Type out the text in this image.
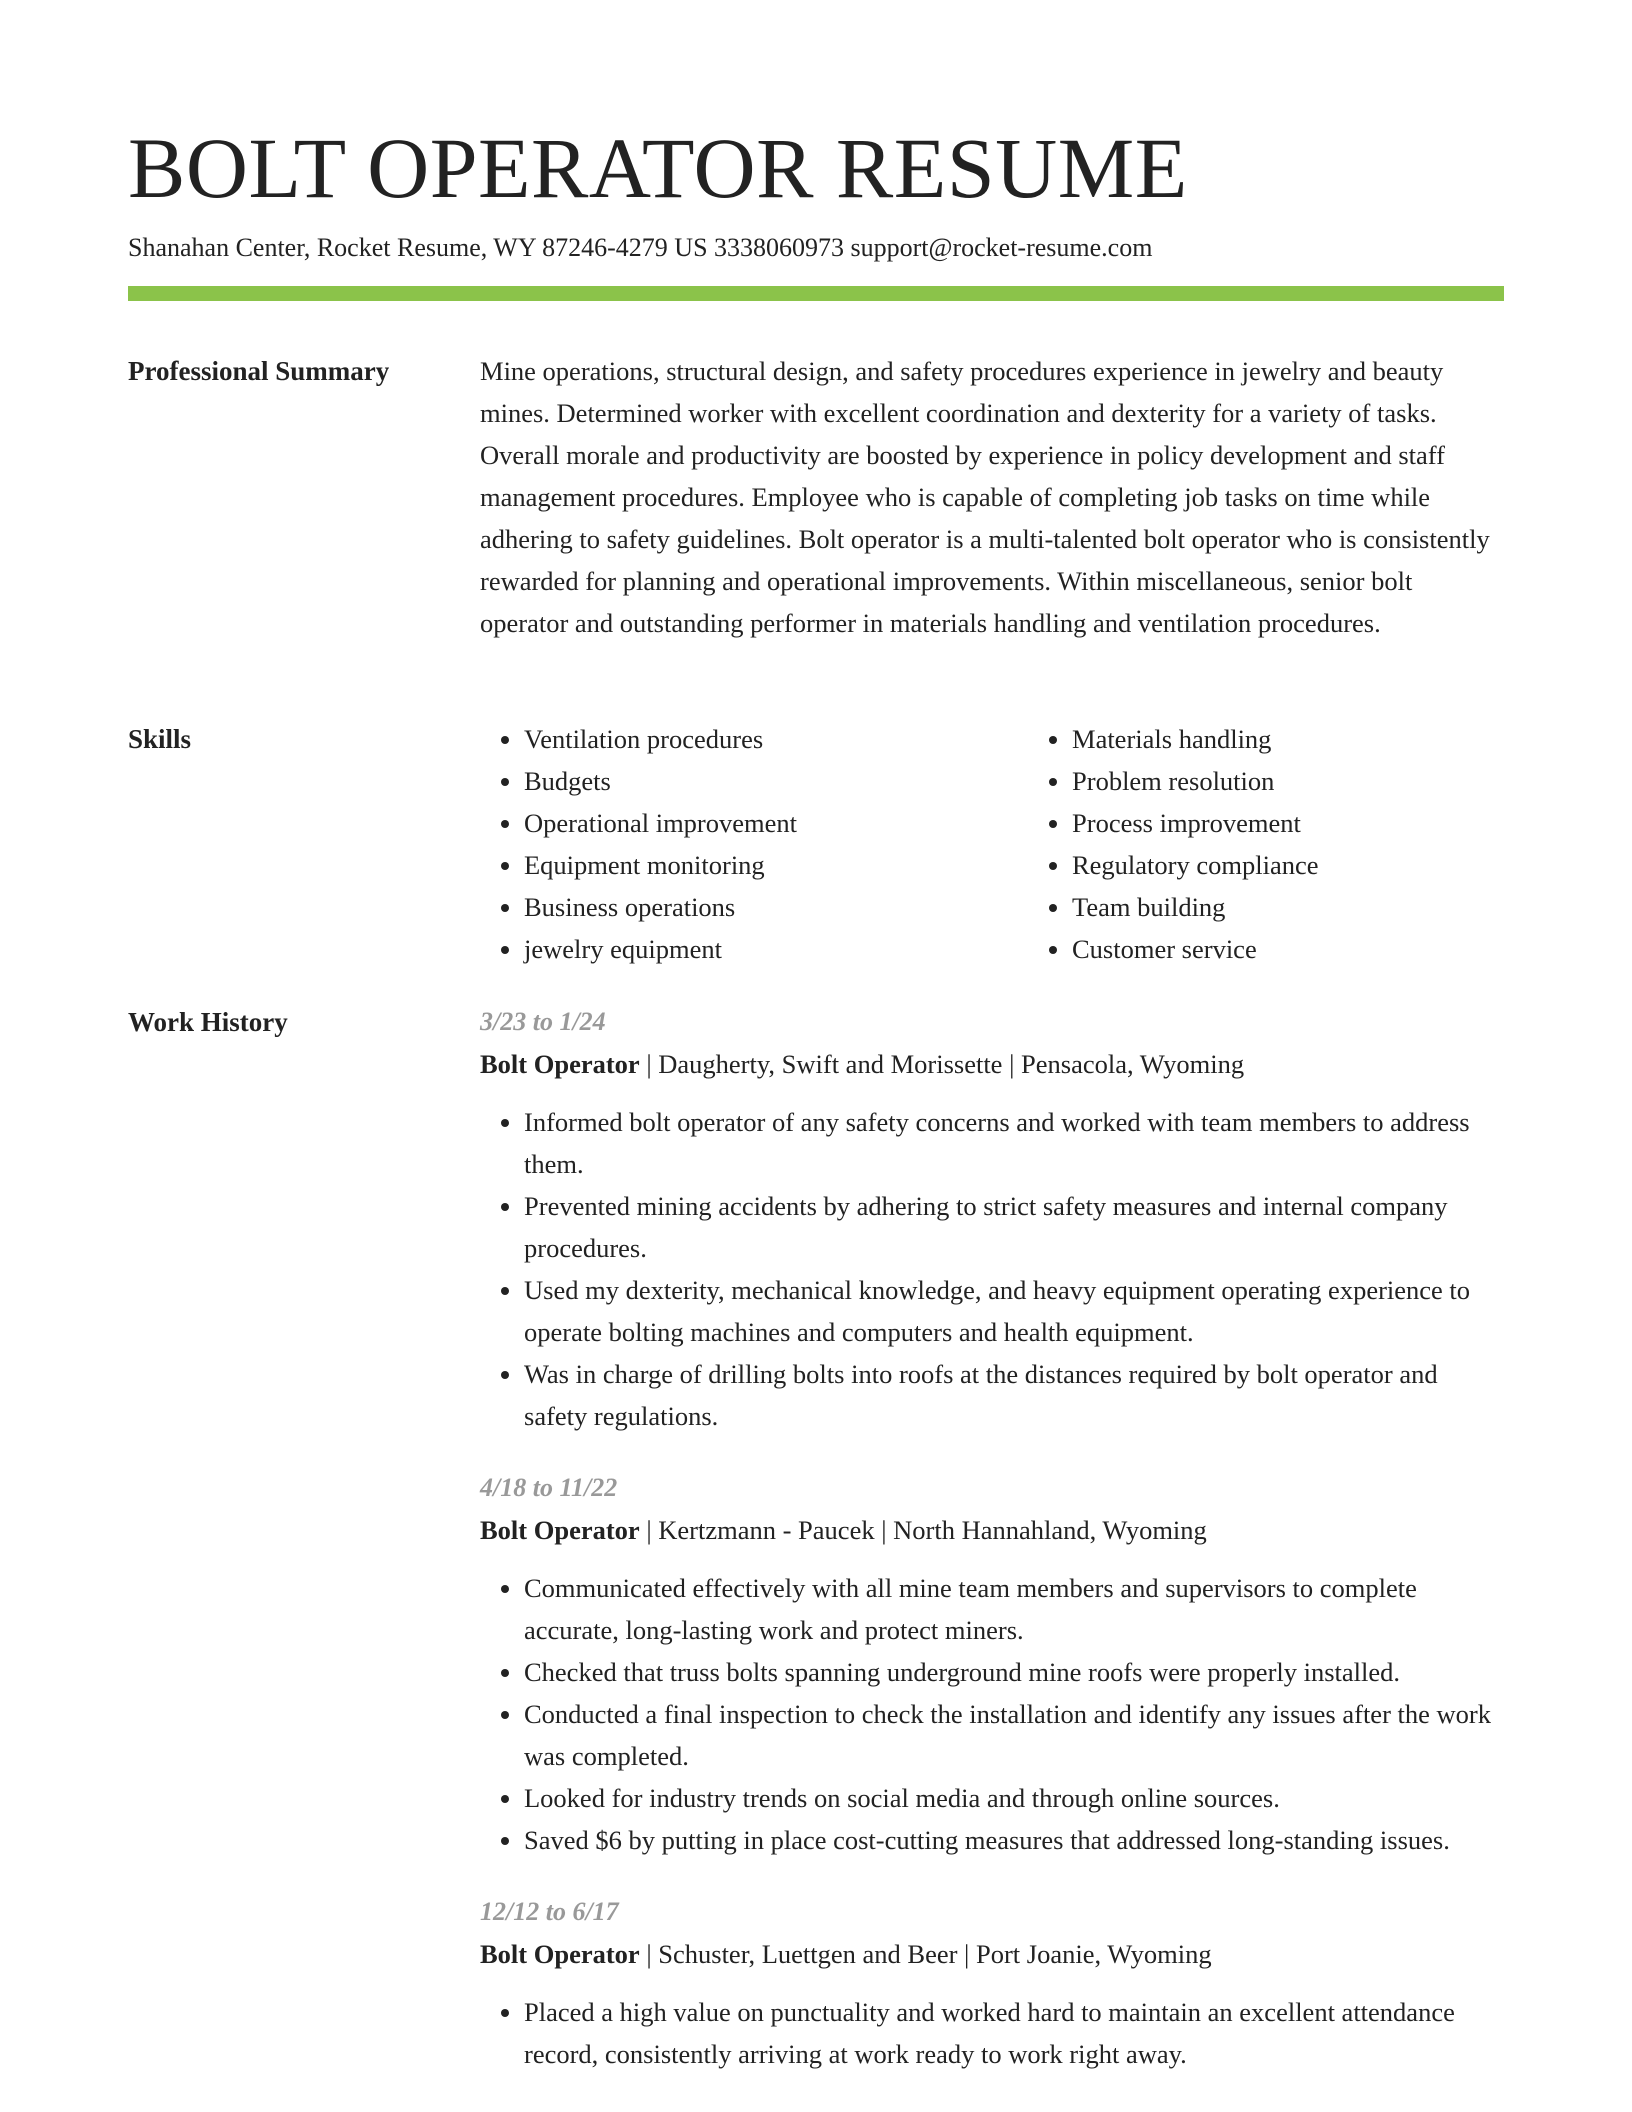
BOLT OPERATOR RESUME
Shanahan Center, Rocket Resume, WY 87246-4279 US 3338060973 support@rocket-resume.com
Professional Summary	Mine operations, structural design, and safety procedures experience in jewelry and beauty mines. Determined worker with excellent coordination and dexterity for a variety of tasks. Overall morale and productivity are boosted by experience in policy development and staff management procedures. Employee who is capable of completing job tasks on time while adhering to safety guidelines. Bolt operator is a multi-talented bolt operator who is consistently rewarded for planning and operational improvements. Within miscellaneous, senior bolt operator and outstanding performer in materials handling and ventilation procedures.

Skills
•	Ventilation procedures
• Budgets
• Operational improvement
• Equipment monitoring
• Business operations
• jewelry equipment
• Materials handling
• Problem resolution
• Process improvement
• Regulatory compliance
• Team building
• Customer service
Work History	3/23 to 1/24
Bolt Operator | Daugherty, Swift and Morissette | Pensacola, Wyoming
• Informed bolt operator of any safety concerns and worked with team members to address them.
• Prevented mining accidents by adhering to strict safety measures and internal company procedures.
• Used my dexterity, mechanical knowledge, and heavy equipment operating experience to operate bolting machines and computers and health equipment.
• Was in charge of drilling bolts into roofs at the distances required by bolt operator and safety regulations.
4/18 to 11/22
Bolt Operator | Kertzmann - Paucek | North Hannahland, Wyoming
• Communicated effectively with all mine team members and supervisors to complete accurate, long-lasting work and protect miners.
• Checked that truss bolts spanning underground mine roofs were properly installed.
• Conducted a final inspection to check the installation and identify any issues after the work was completed.
• Looked for industry trends on social media and through online sources.
• Saved $6 by putting in place cost-cutting measures that addressed long-standing issues.
12/12 to 6/17
Bolt Operator | Schuster, Luettgen and Beer | Port Joanie, Wyoming
• Placed a high value on punctuality and worked hard to maintain an excellent attendance record, consistently arriving at work ready to work right away.
